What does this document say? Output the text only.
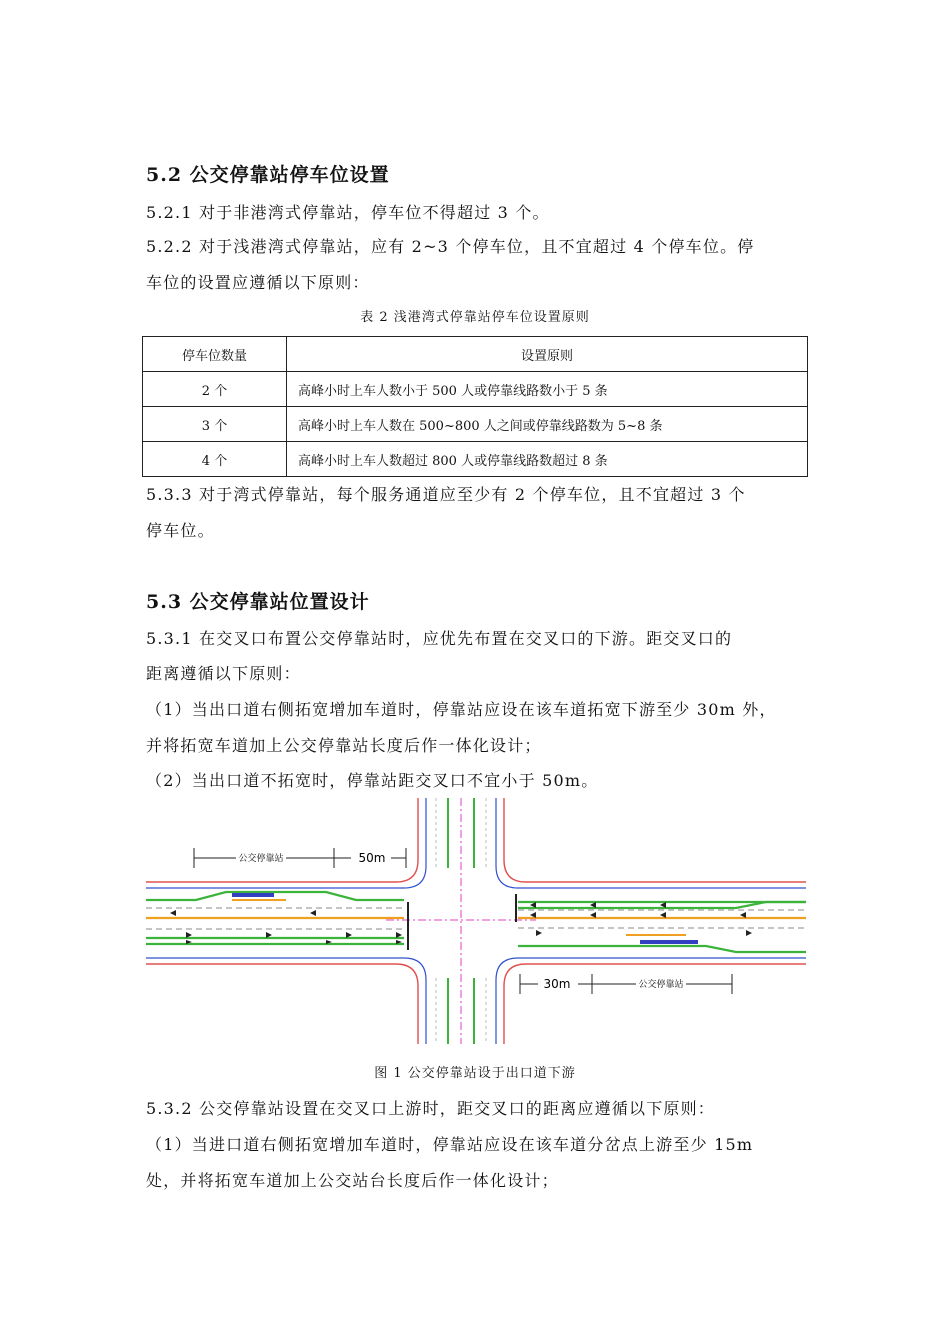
5.2 公交停靠站停车位设置
5.2.1 对于非港湾式停靠站，停车位不得超过 3 个。
5.2.2 对于浅港湾式停靠站，应有 2~3 个停车位，且不宜超过 4 个停车位。停
车位的设置应遵循以下原则：
表 2 浅港湾式停靠站停车位设置原则
停车位数量	设置原则
2 个	高峰小时上车人数小于 500 人或停靠线路数小于 5 条
3 个	高峰小时上车人数在 500~800 人之间或停靠线路数为 5~8 条
4 个	高峰小时上车人数超过 800 人或停靠线路数超过 8 条
5.3.3 对于湾式停靠站，每个服务通道应至少有 2 个停车位，且不宜超过 3 个
停车位。
5.3 公交停靠站位置设计
5.3.1 在交叉口布置公交停靠站时，应优先布置在交叉口的下游。距交叉口的
距离遵循以下原则：
（1）当出口道右侧拓宽增加车道时，停靠站应设在该车道拓宽下游至少 30m 外，
并将拓宽车道加上公交停靠站长度后作一体化设计；
（2）当出口道不拓宽时，停靠站距交叉口不宜小于 50m。
公交停靠站	50m
30m	公交停靠站
图 1 公交停靠站设于出口道下游
5.3.2 公交停靠站设置在交叉口上游时，距交叉口的距离应遵循以下原则：
（1）当进口道右侧拓宽增加车道时，停靠站应设在该车道分岔点上游至少 15m
处，并将拓宽车道加上公交站台长度后作一体化设计；
